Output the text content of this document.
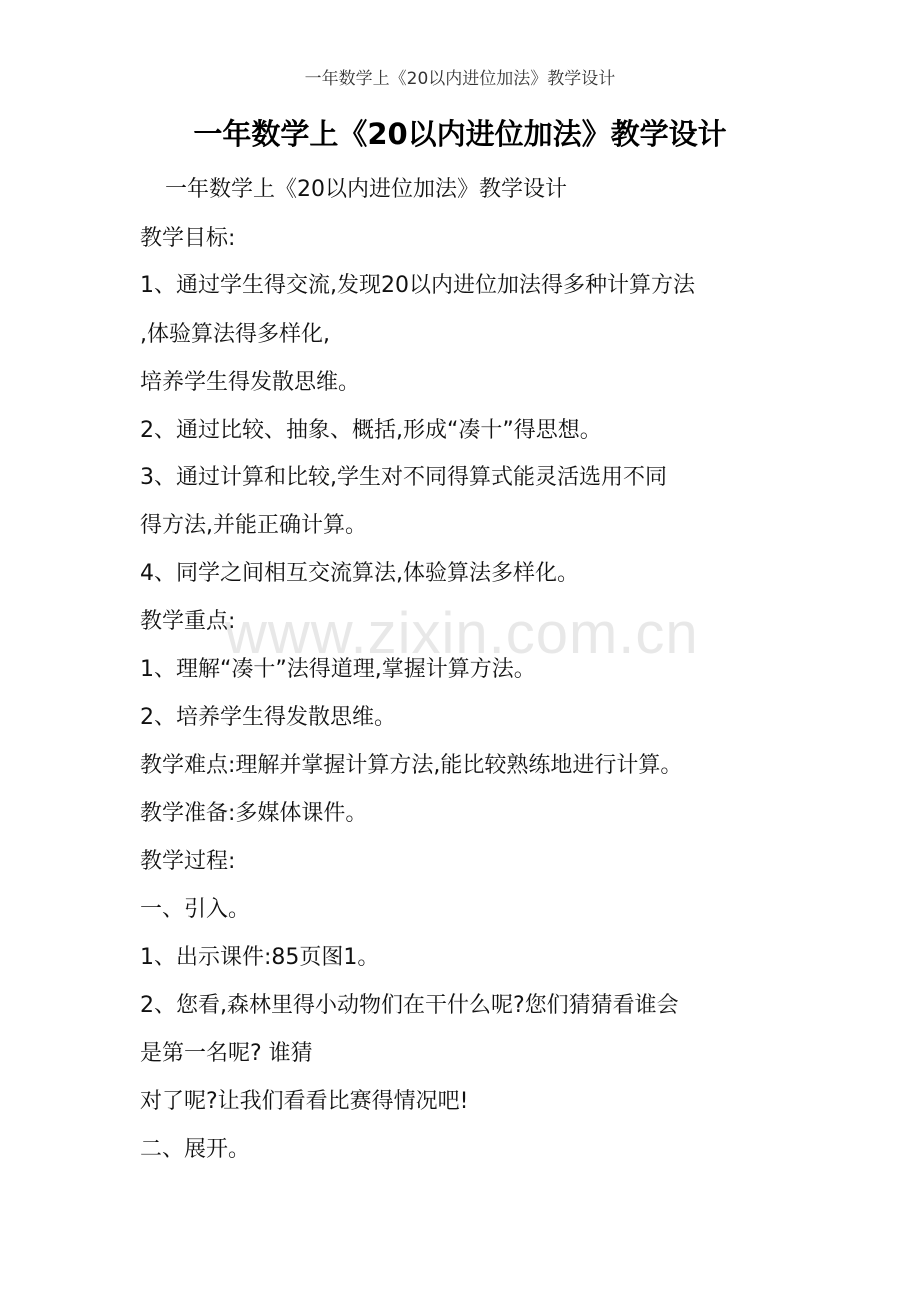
一年数学上《20以内进位加法》教学设计
一年数学上《20以内进位加法》教学设计
一年数学上《20以内进位加法》教学设计
教学目标:
1、通过学生得交流,发现20以内进位加法得多种计算方法
,体验算法得多样化,
培养学生得发散思维。
2、通过比较、抽象、概括,形成“凑十”得思想。
3、通过计算和比较,学生对不同得算式能灵活选用不同
得方法,并能正确计算。
4、同学之间相互交流算法,体验算法多样化。
教学重点:
1、理解“凑十”法得道理,掌握计算方法。
2、培养学生得发散思维。
教学难点:理解并掌握计算方法,能比较熟练地进行计算。
教学准备:多媒体课件。
教学过程:
一、引入。
1、出示课件:85页图1。
2、您看,森林里得小动物们在干什么呢?您们猜猜看谁会
是第一名呢? 谁猜
对了呢?让我们看看比赛得情况吧!
二、展开。
www.zixin.com.cn
